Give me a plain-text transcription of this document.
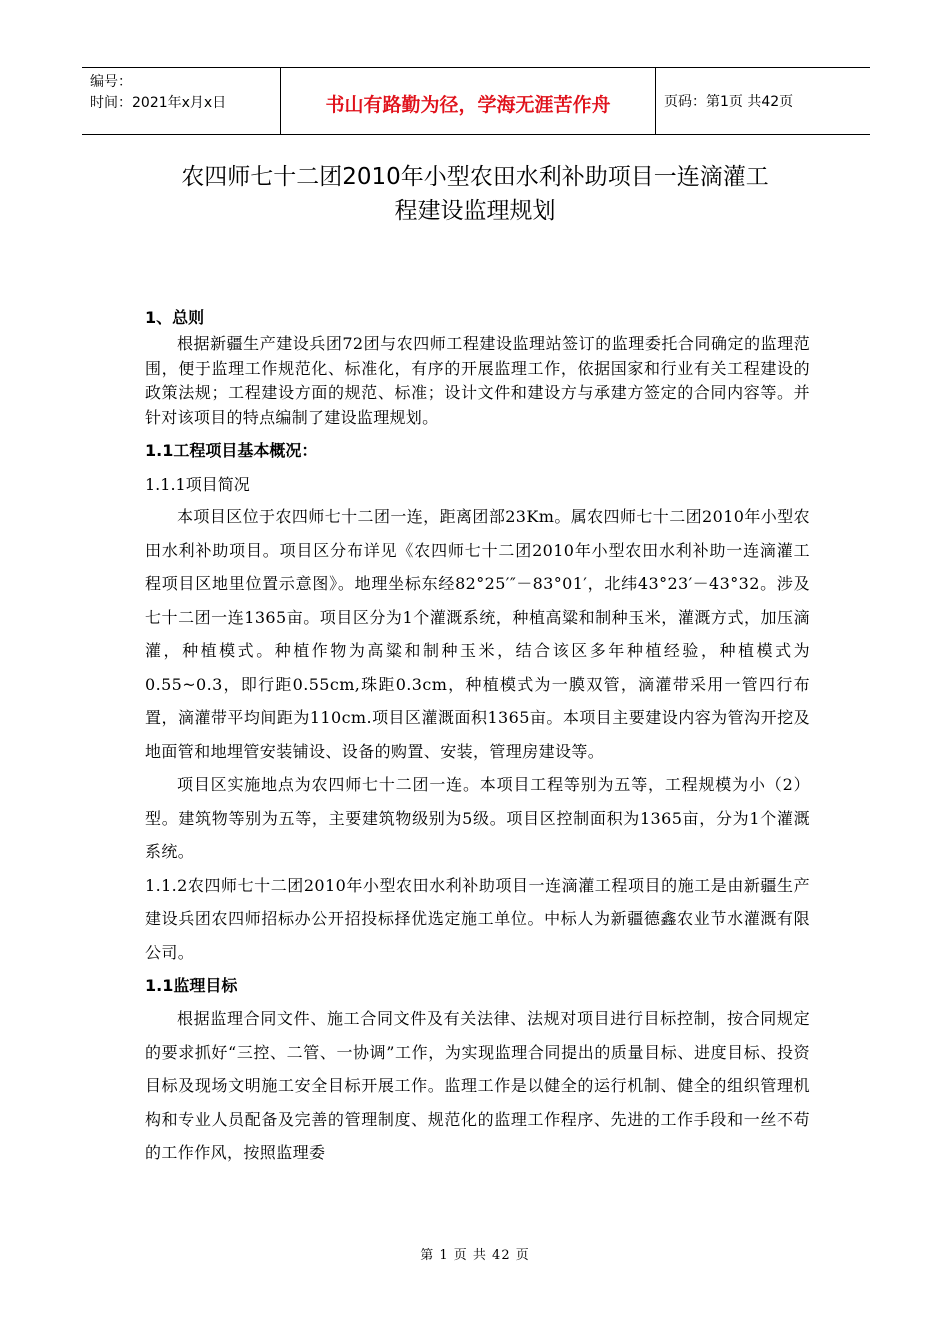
编号：
时间：2021年x月x日	书山有路勤为径，学海无涯苦作舟	页码：第1页 共42页
农四师七十二团2010年小型农田水利补助项目一连滴灌工
程建设监理规划
1、总则
根据新疆生产建设兵团72团与农四师工程建设监理站签订的监理委托合同确定的监理范围，便于监理工作规范化、标准化，有序的开展监理工作，依据国家和行业有关工程建设的政策法规；工程建设方面的规范、标准；设计文件和建设方与承建方签定的合同内容等。并针对该项目的特点编制了建设监理规划。
1.1工程项目基本概况：
1.1.1项目简况
本项目区位于农四师七十二团一连，距离团部23Km。属农四师七十二团2010年小型农田水利补助项目。项目区分布详见《农四师七十二团2010年小型农田水利补助一连滴灌工程项目区地里位置示意图》。地理坐标东经82°25′″－83°01′，北纬43°23′－43°32。涉及七十二团一连1365亩。项目区分为1个灌溉系统，种植高粱和制种玉米，灌溉方式，加压滴灌，种植模式。种植作物为高粱和制种玉米，结合该区多年种植经验，种植模式为0.55~0.3，即行距0.55cm,珠距0.3cm，种植模式为一膜双管，滴灌带采用一管四行布置，滴灌带平均间距为110cm.项目区灌溉面积1365亩。本项目主要建设内容为管沟开挖及地面管和地埋管安装铺设、设备的购置、安装，管理房建设等。
项目区实施地点为农四师七十二团一连。本项目工程等别为五等，工程规模为小（2）型。建筑物等别为五等，主要建筑物级别为5级。项目区控制面积为1365亩，分为1个灌溉系统。
1.1.2农四师七十二团2010年小型农田水利补助项目一连滴灌工程项目的施工是由新疆生产建设兵团农四师招标办公开招投标择优选定施工单位。中标人为新疆德鑫农业节水灌溉有限公司。
1.1监理目标
根据监理合同文件、施工合同文件及有关法律、法规对项目进行目标控制，按合同规定的要求抓好“三控、二管、一协调”工作，为实现监理合同提出的质量目标、进度目标、投资目标及现场文明施工安全目标开展工作。监理工作是以健全的运行机制、健全的组织管理机构和专业人员配备及完善的管理制度、规范化的监理工作程序、先进的工作手段和一丝不苟的工作作风，按照监理委
第 1 页 共 42 页
